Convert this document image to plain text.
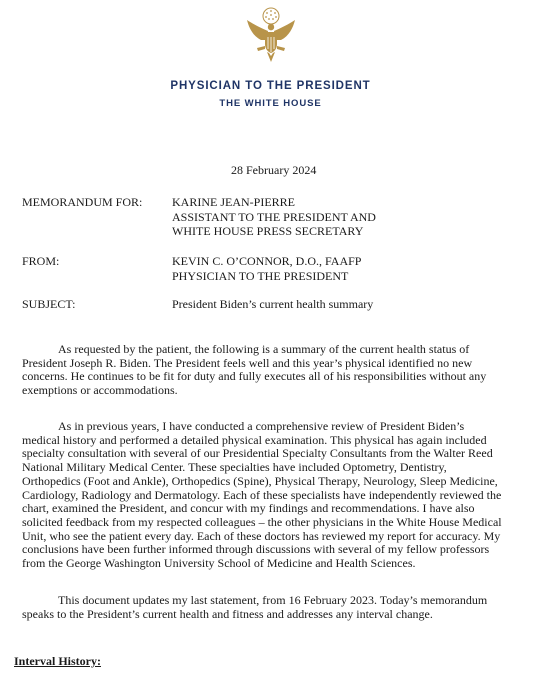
PHYSICIAN TO THE PRESIDENT
THE WHITE HOUSE
28 February 2024
MEMORANDUM FOR: KARINE JEAN-PIERRE
ASSISTANT TO THE PRESIDENT AND
WHITE HOUSE PRESS SECRETARY
FROM:	KEVIN C. O’CONNOR, D.O., FAAFP
PHYSICIAN TO THE PRESIDENT
SUBJECT:	President Biden’s current health summary
As requested by the patient, the following is a summary of the current health status of
President Joseph R. Biden. The President feels well and this year’s physical identified no new
concerns. He continues to be fit for duty and fully executes all of his responsibilities without any
exemptions or accommodations.
As in previous years, I have conducted a comprehensive review of President Biden’s
medical history and performed a detailed physical examination. This physical has again included
specialty consultation with several of our Presidential Specialty Consultants from the Walter Reed
National Military Medical Center. These specialties have included Optometry, Dentistry,
Orthopedics (Foot and Ankle), Orthopedics (Spine), Physical Therapy, Neurology, Sleep Medicine,
Cardiology, Radiology and Dermatology. Each of these specialists have independently reviewed the
chart, examined the President, and concur with my findings and recommendations. I have also
solicited feedback from my respected colleagues – the other physicians in the White House Medical
Unit, who see the patient every day. Each of these doctors has reviewed my report for accuracy. My
conclusions have been further informed through discussions with several of my fellow professors
from the George Washington University School of Medicine and Health Sciences.
This document updates my last statement, from 16 February 2023. Today’s memorandum
speaks to the President’s current health and fitness and addresses any interval change.
Interval History:
